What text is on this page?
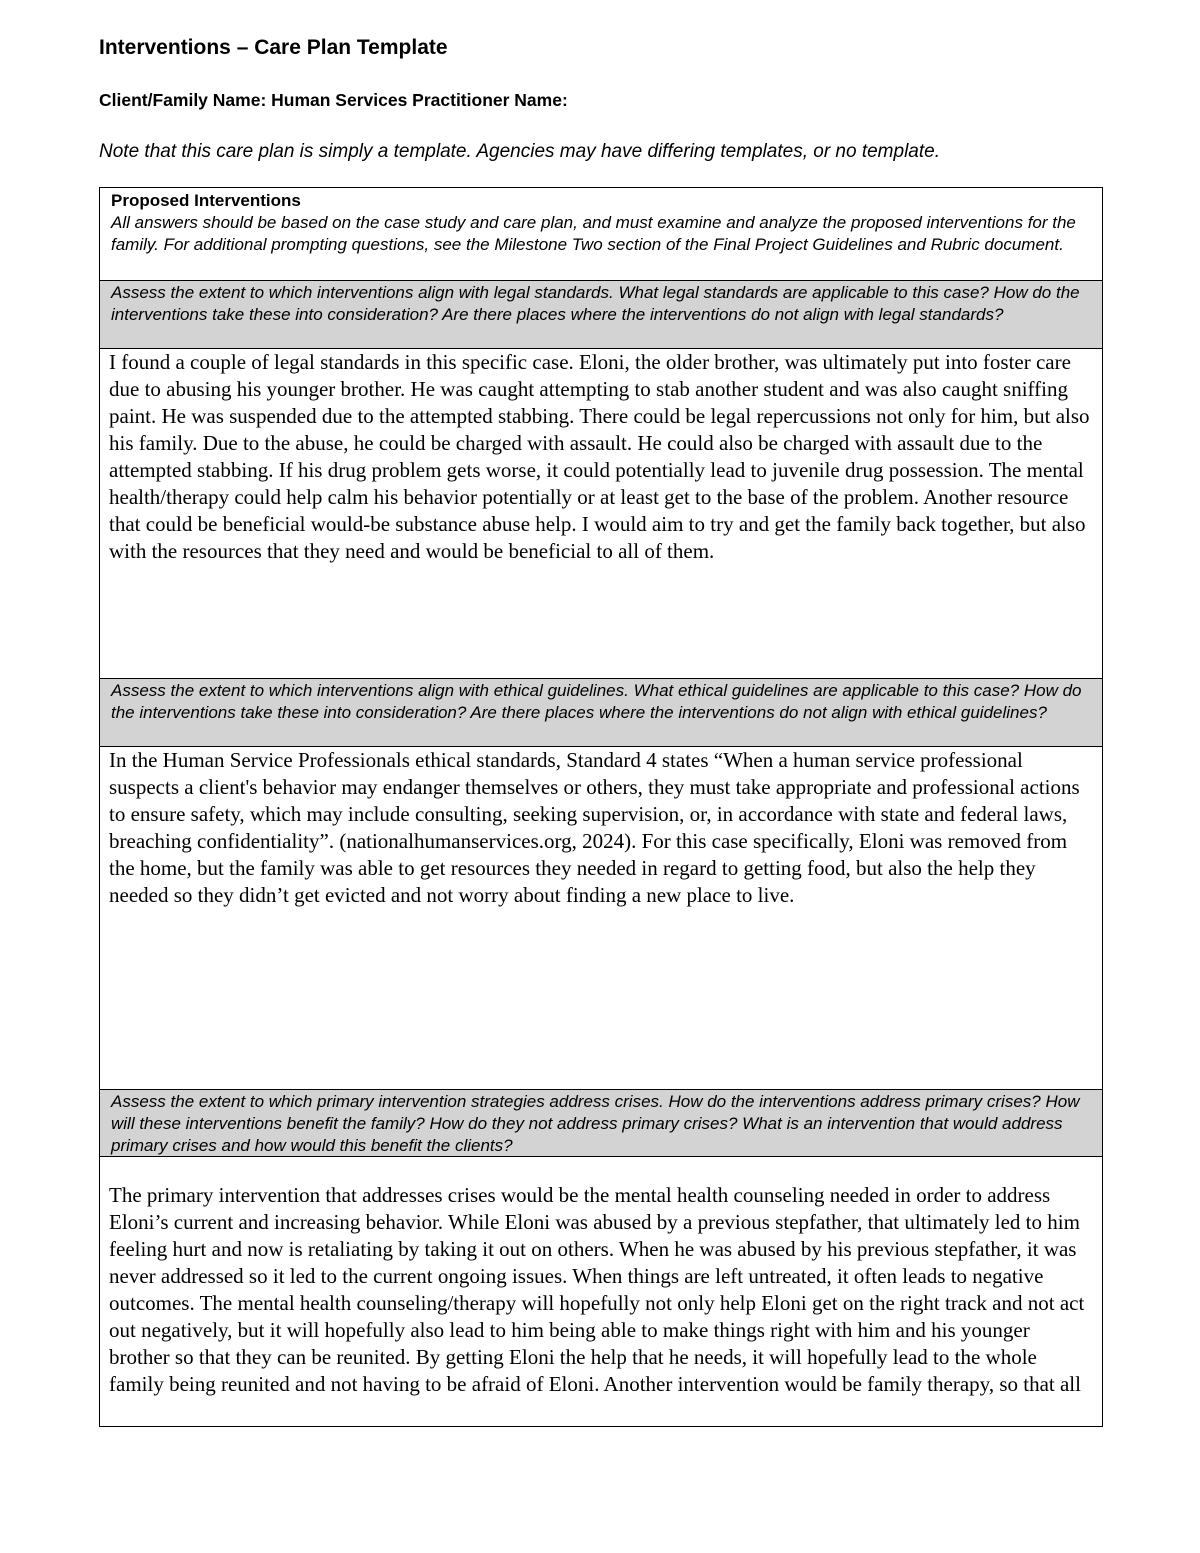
Interventions – Care Plan Template
Client/Family Name: Human Services Practitioner Name:
Note that this care plan is simply a template. Agencies may have differing templates, or no template.
Proposed Interventions
All answers should be based on the case study and care plan, and must examine and analyze the proposed interventions for the family. For additional prompting questions, see the Milestone Two section of the Final Project Guidelines and Rubric document.
Assess the extent to which interventions align with legal standards. What legal standards are applicable to this case? How do the interventions take these into consideration? Are there places where the interventions do not align with legal standards?

I found a couple of legal standards in this specific case. Eloni, the older brother, was ultimately put into foster care due to abusing his younger brother. He was caught attempting to stab another student and was also caught sniffing paint. He was suspended due to the attempted stabbing. There could be legal repercussions not only for him, but also his family. Due to the abuse, he could be charged with assault. He could also be charged with assault due to the attempted stabbing. If his drug problem gets worse, it could potentially lead to juvenile drug possession. The mental health/therapy could help calm his behavior potentially or at least get to the base of the problem. Another resource that could be beneficial would-be substance abuse help. I would aim to try and get the family back together, but also with the resources that they need and would be beneficial to all of them.

Assess the extent to which interventions align with ethical guidelines. What ethical guidelines are applicable to this case? How do the interventions take these into consideration? Are there places where the interventions do not align with ethical guidelines?

In the Human Service Professionals ethical standards, Standard 4 states “When a human service professional suspects a client's behavior may endanger themselves or others, they must take appropriate and professional actions to ensure safety, which may include consulting, seeking supervision, or, in accordance with state and federal laws, breaching confidentiality”. (nationalhumanservices.org, 2024). For this case specifically, Eloni was removed from the home, but the family was able to get resources they needed in regard to getting food, but also the help they needed so they didn’t get evicted and not worry about finding a new place to live.

Assess the extent to which primary intervention strategies address crises. How do the interventions address primary crises? How will these interventions benefit the family? How do they not address primary crises? What is an intervention that would address primary crises and how would this benefit the clients?

The primary intervention that addresses crises would be the mental health counseling needed in order to address Eloni’s current and increasing behavior. While Eloni was abused by a previous stepfather, that ultimately led to him feeling hurt and now is retaliating by taking it out on others. When he was abused by his previous stepfather, it was never addressed so it led to the current ongoing issues. When things are left untreated, it often leads to negative outcomes. The mental health counseling/therapy will hopefully not only help Eloni get on the right track and not act out negatively, but it will hopefully also lead to him being able to make things right with him and his younger brother so that they can be reunited. By getting Eloni the help that he needs, it will hopefully lead to the whole family being reunited and not having to be afraid of Eloni. Another intervention would be family therapy, so that all
